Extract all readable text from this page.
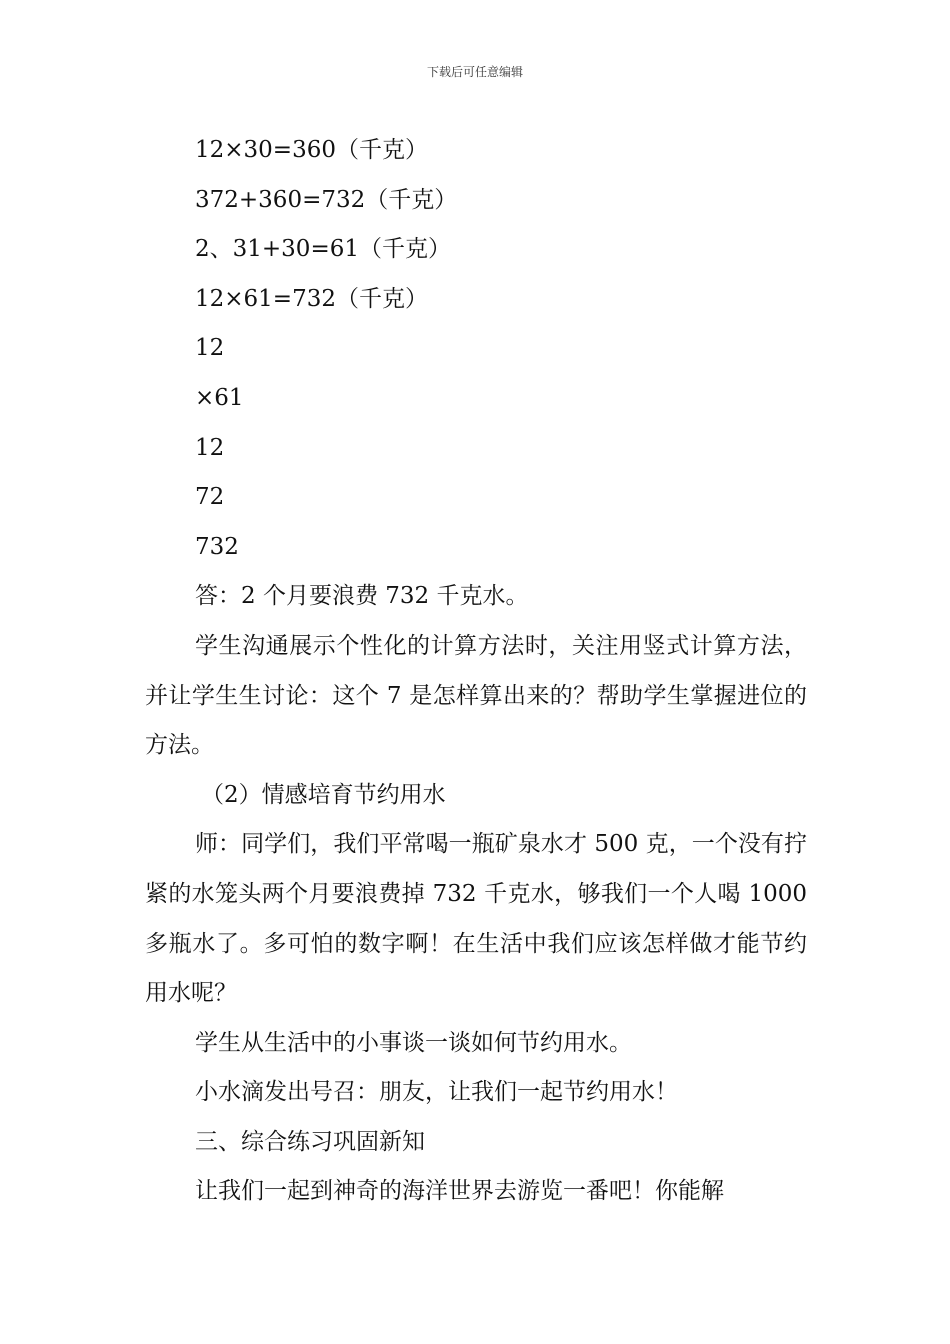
下载后可任意编辑
12×30=360（千克）
372+360=732（千克）
2、31+30=61（千克）
12×61=732（千克）
12
×61
12
72
732
答：2 个月要浪费 732 千克水。

学生沟通展示个性化的计算方法时，关注用竖式计算方法，并让学生生讨论：这个 7 是怎样算出来的？帮助学生掌握进位的方法。

（2）情感培育节约用水

师：同学们，我们平常喝一瓶矿泉水才 500 克，一个没有拧紧的水笼头两个月要浪费掉 732 千克水，够我们一个人喝 1000 多瓶水了。多可怕的数字啊！在生活中我们应该怎样做才能节约用水呢？

学生从生活中的小事谈一谈如何节约用水。
小水滴发出号召：朋友，让我们一起节约用水！
三、综合练习巩固新知
让我们一起到神奇的海洋世界去游览一番吧！你能解
